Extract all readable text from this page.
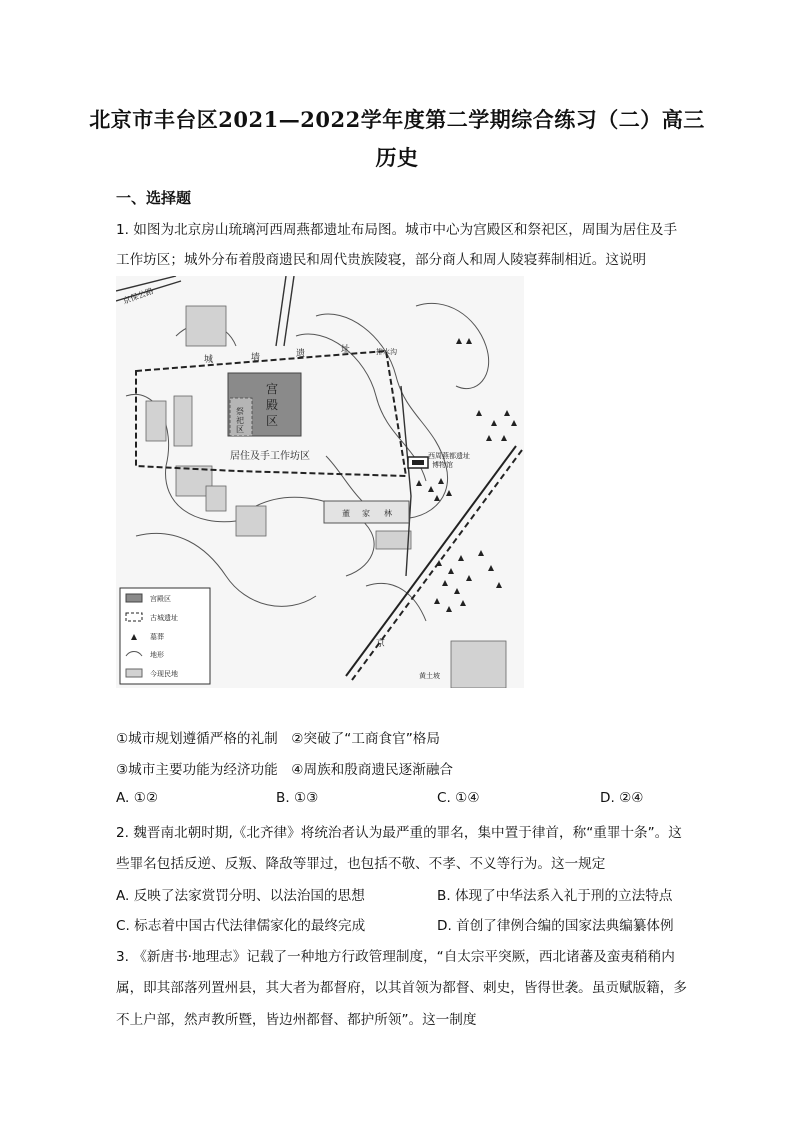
北京市丰台区2021—2022学年度第二学期综合练习（二）高三
历史
一、选择题
1. 如图为北京房山琉璃河西周燕都遗址布局图。城市中心为宫殿区和祭祀区，周围为居住及手
工作坊区；城外分布着殷商遗民和周代贵族陵寝，部分商人和周人陵寝葬制相近。这说明
京保公路
城	墙	遗	址	排水沟
宫
殿
区
祭
祀
区
居住及手工作坊区	西周燕都遗址
博物馆
董 家 林
黄土坡
京
宫殿区
古城遗址
墓葬
地形
今现民地
①城市规划遵循严格的礼制　②突破了“工商食官”格局
③城市主要功能为经济功能　④周族和殷商遗民逐渐融合
A. ①②	B. ①③	C. ①④	D. ②④
2. 魏晋南北朝时期,《北齐律》将统治者认为最严重的罪名，集中置于律首，称“重罪十条”。这
些罪名包括反逆、反叛、降敌等罪过，也包括不敬、不孝、不义等行为。这一规定
A. 反映了法家赏罚分明、以法治国的思想	B. 体现了中华法系入礼于刑的立法特点
C. 标志着中国古代法律儒家化的最终完成	D. 首创了律例合编的国家法典编纂体例
3. 《新唐书·地理志》记载了一种地方行政管理制度，“自太宗平突厥，西北诸蕃及蛮夷稍稍内
属，即其部落列置州县，其大者为都督府，以其首领为都督、刺史，皆得世袭。虽贡赋版籍，多
不上户部，然声教所暨，皆边州都督、都护所领”。这一制度
